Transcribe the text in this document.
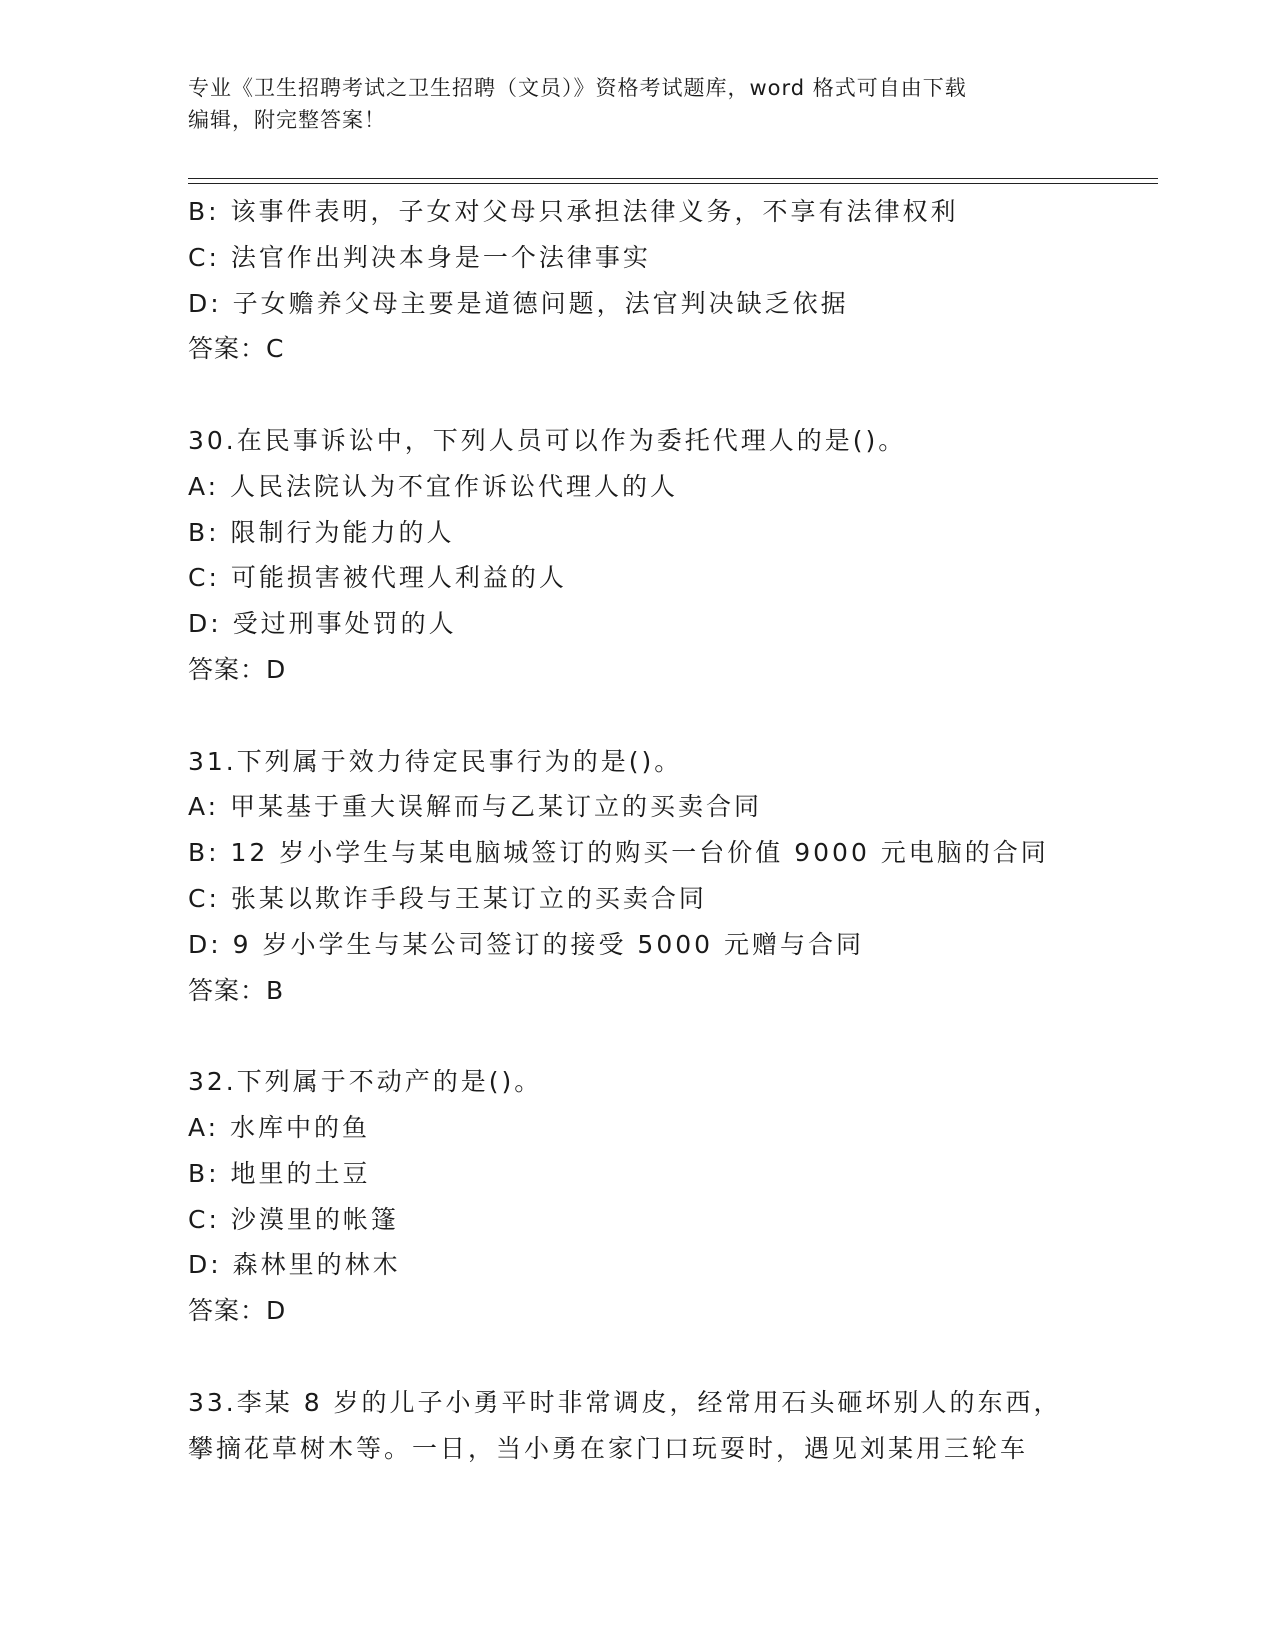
专业《卫生招聘考试之卫生招聘（文员）》资格考试题库，word 格式可自由下载
编辑，附完整答案！
B: 该事件表明，子女对父母只承担法律义务，不享有法律权利
C: 法官作出判决本身是一个法律事实
D: 子女赡养父母主要是道德问题，法官判决缺乏依据
答案：C
30.在民事诉讼中，下列人员可以作为委托代理人的是()。
A: 人民法院认为不宜作诉讼代理人的人
B: 限制行为能力的人
C: 可能损害被代理人利益的人
D: 受过刑事处罚的人
答案：D
31.下列属于效力待定民事行为的是()。
A: 甲某基于重大误解而与乙某订立的买卖合同
B: 12 岁小学生与某电脑城签订的购买一台价值 9000 元电脑的合同
C: 张某以欺诈手段与王某订立的买卖合同
D: 9 岁小学生与某公司签订的接受 5000 元赠与合同
答案：B
32.下列属于不动产的是()。
A: 水库中的鱼
B: 地里的土豆
C: 沙漠里的帐篷
D: 森林里的林木
答案：D
33.李某 8 岁的儿子小勇平时非常调皮，经常用石头砸坏别人的东西，
攀摘花草树木等。一日，当小勇在家门口玩耍时，遇见刘某用三轮车
